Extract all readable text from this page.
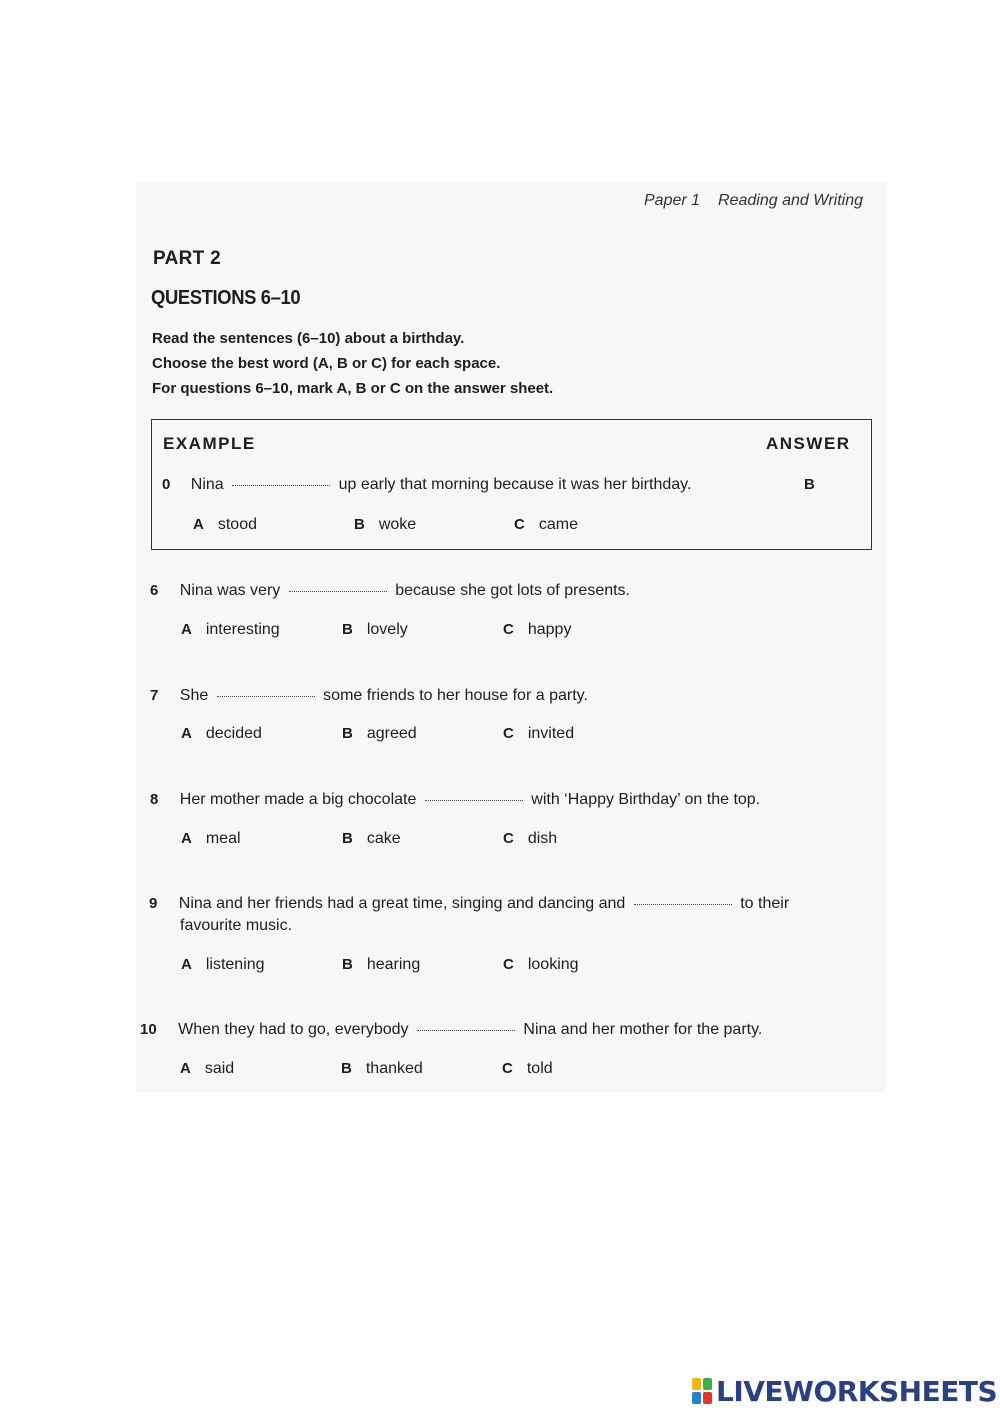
Paper 1 Reading and Writing
PART 2
QUESTIONS 6–10
Read the sentences (6–10) about a birthday.
Choose the best word (A, B or C) for each space.
For questions 6–10, mark A, B or C on the answer sheet.
EXAMPLE	ANSWER
0 Nina	up early that morning because it was her birthday.	B
A stood	B woke	C came
6 Nina was very	because she got lots of presents.
A interesting	B lovely	C happy
7 She	some friends to her house for a party.
A decided	B agreed	C invited
8 Her mother made a big chocolate	with ‘Happy Birthday’ on the top.
A meal	B cake	C dish
9 Nina and her friends had a great time, singing and dancing and	to their
favourite music.
A listening	B hearing	C looking
10 When they had to go, everybody	Nina and her mother for the party.
A said	B thanked	C told
LIVEWORKSHEETS
